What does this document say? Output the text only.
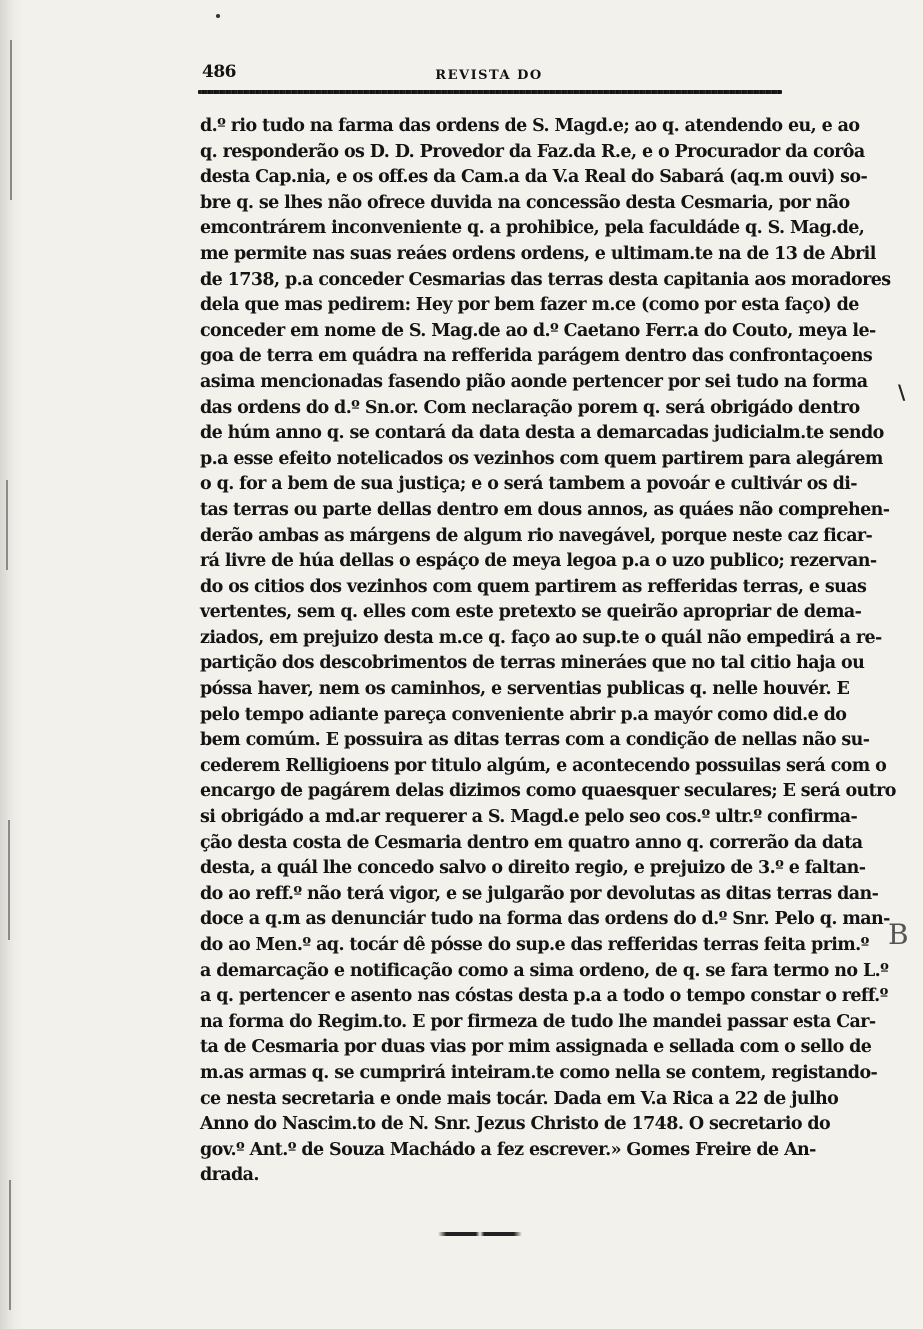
486	REVISTA DO
d.º rio tudo na farma das ordens de S. Magd.e; ao q. atendendo eu, e ao
q. responderão os D. D. Provedor da Faz.da R.e, e o Procurador da corôa
desta Cap.nia, e os off.es da Cam.a da V.a Real do Sabará (aq.m ouvi) so-
bre q. se lhes não ofrece duvida na concessão desta Cesmaria, por não
emcontrárem inconveniente q. a prohibice, pela faculdáde q. S. Mag.de,
me permite nas suas reáes ordens ordens, e ultimam.te na de 13 de Abril
de 1738, p.a conceder Cesmarias das terras desta capitania aos moradores
dela que mas pedirem: Hey por bem fazer m.ce (como por esta faço) de
conceder em nome de S. Mag.de ao d.º Caetano Ferr.a do Couto, meya le-
goa de terra em quádra na refferida parágem dentro das confrontaçoens
asima mencionadas fasendo pião aonde pertencer por sei tudo na forma
das ordens do d.º Sn.or. Com neclaração porem q. será obrigádo dentro
de húm anno q. se contará da data desta a demarcadas judicialm.te sendo
p.a esse efeito notelicados os vezinhos com quem partirem para alegárem
o q. for a bem de sua justiça; e o será tambem a povoár e cultivár os di-
tas terras ou parte dellas dentro em dous annos, as quáes não comprehen-
derão ambas as márgens de algum rio navegável, porque neste caz ficar-
rá livre de húa dellas o espáço de meya legoa p.a o uzo publico; rezervan-
do os citios dos vezinhos com quem partirem as refferidas terras, e suas
vertentes, sem q. elles com este pretexto se queirão apropriar de dema-
ziados, em prejuizo desta m.ce q. faço ao sup.te o quál não empedirá a re-
partição dos descobrimentos de terras mineráes que no tal citio haja ou
póssa haver, nem os caminhos, e serventias publicas q. nelle houvér. E
pelo tempo adiante pareça conveniente abrir p.a mayór como did.e do
bem comúm. E possuira as ditas terras com a condição de nellas não su-
cederem Relligioens por titulo algúm, e acontecendo possuilas será com o
encargo de pagárem delas dizimos como quaesquer seculares; E será outro
si obrigádo a md.ar requerer a S. Magd.e pelo seo cos.º ultr.º confirma-
ção desta costa de Cesmaria dentro em quatro anno q. correrão da data
desta, a quál lhe concedo salvo o direito regio, e prejuizo de 3.º e faltan-
do ao reff.º não terá vigor, e se julgarão por devolutas as ditas terras dan-
doce a q.m as denunciár tudo na forma das ordens do d.º Snr. Pelo q. man-
do ao Men.º aq. tocár dê pósse do sup.e das refferidas terras feita prim.º
a demarcação e notificação como a sima ordeno, de q. se fara termo no L.º
a q. pertencer e asento nas cóstas desta p.a a todo o tempo constar o reff.º
na forma do Regim.to. E por firmeza de tudo lhe mandei passar esta Car-
ta de Cesmaria por duas vias por mim assignada e sellada com o sello de
m.as armas q. se cumprirá inteiram.te como nella se contem, registando-
ce nesta secretaria e onde mais tocár. Dada em V.a Rica a 22 de julho
Anno do Nascim.to de N. Snr. Jezus Christo de 1748. O secretario do
gov.º Ant.º de Souza Machádo a fez escrever.» Gomes Freire de An-
drada.
\
B
